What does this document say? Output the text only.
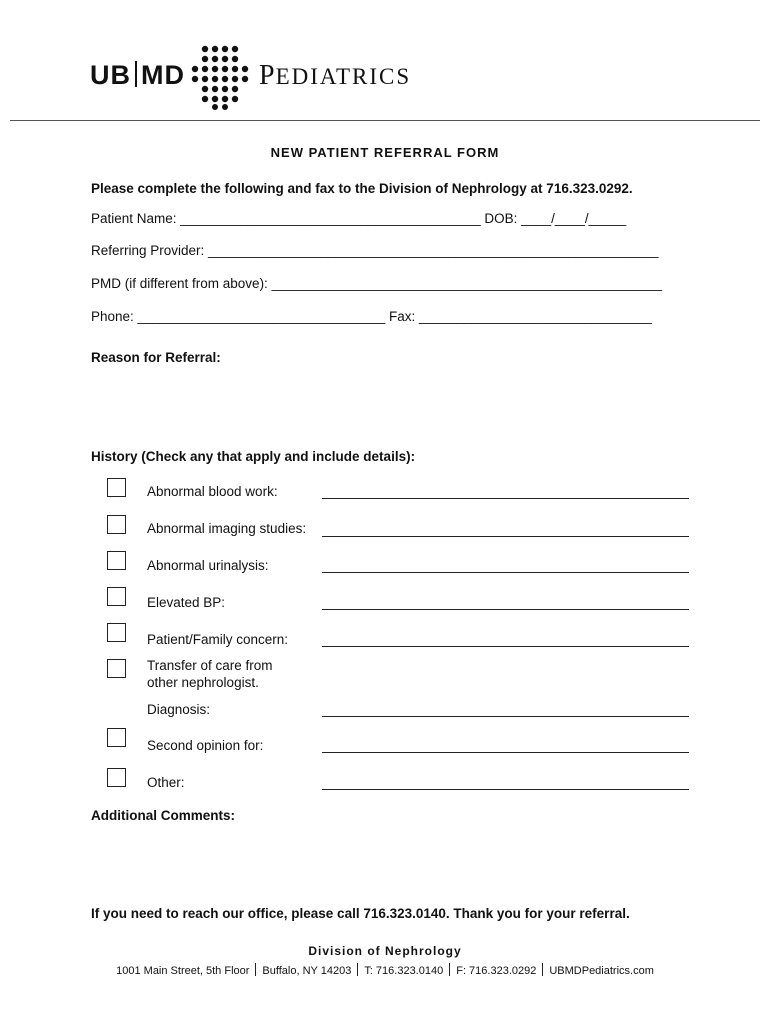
UB MD	PEDIATRICS
NEW PATIENT REFERRAL FORM
Please complete the following and fax to the Division of Nephrology at 716.323.0292.
Patient Name: ________________________________________ DOB: ____/____/_____
Referring Provider: ____________________________________________________________
PMD (if different from above): ____________________________________________________
Phone: _________________________________ Fax: _______________________________
Reason for Referral:
History (Check any that apply and include details):
Abnormal blood work:
Abnormal imaging studies:
Abnormal urinalysis:
Elevated BP:
Patient/Family concern:
Transfer of care from other nephrologist.
Diagnosis:
Second opinion for:
Other:
Additional Comments:
If you need to reach our office, please call 716.323.0140. Thank you for your referral.
Division of Nephrology
1001 Main Street, 5th Floor Buffalo, NY 14203 T: 716.323.0140 F: 716.323.0292 UBMDPediatrics.com
